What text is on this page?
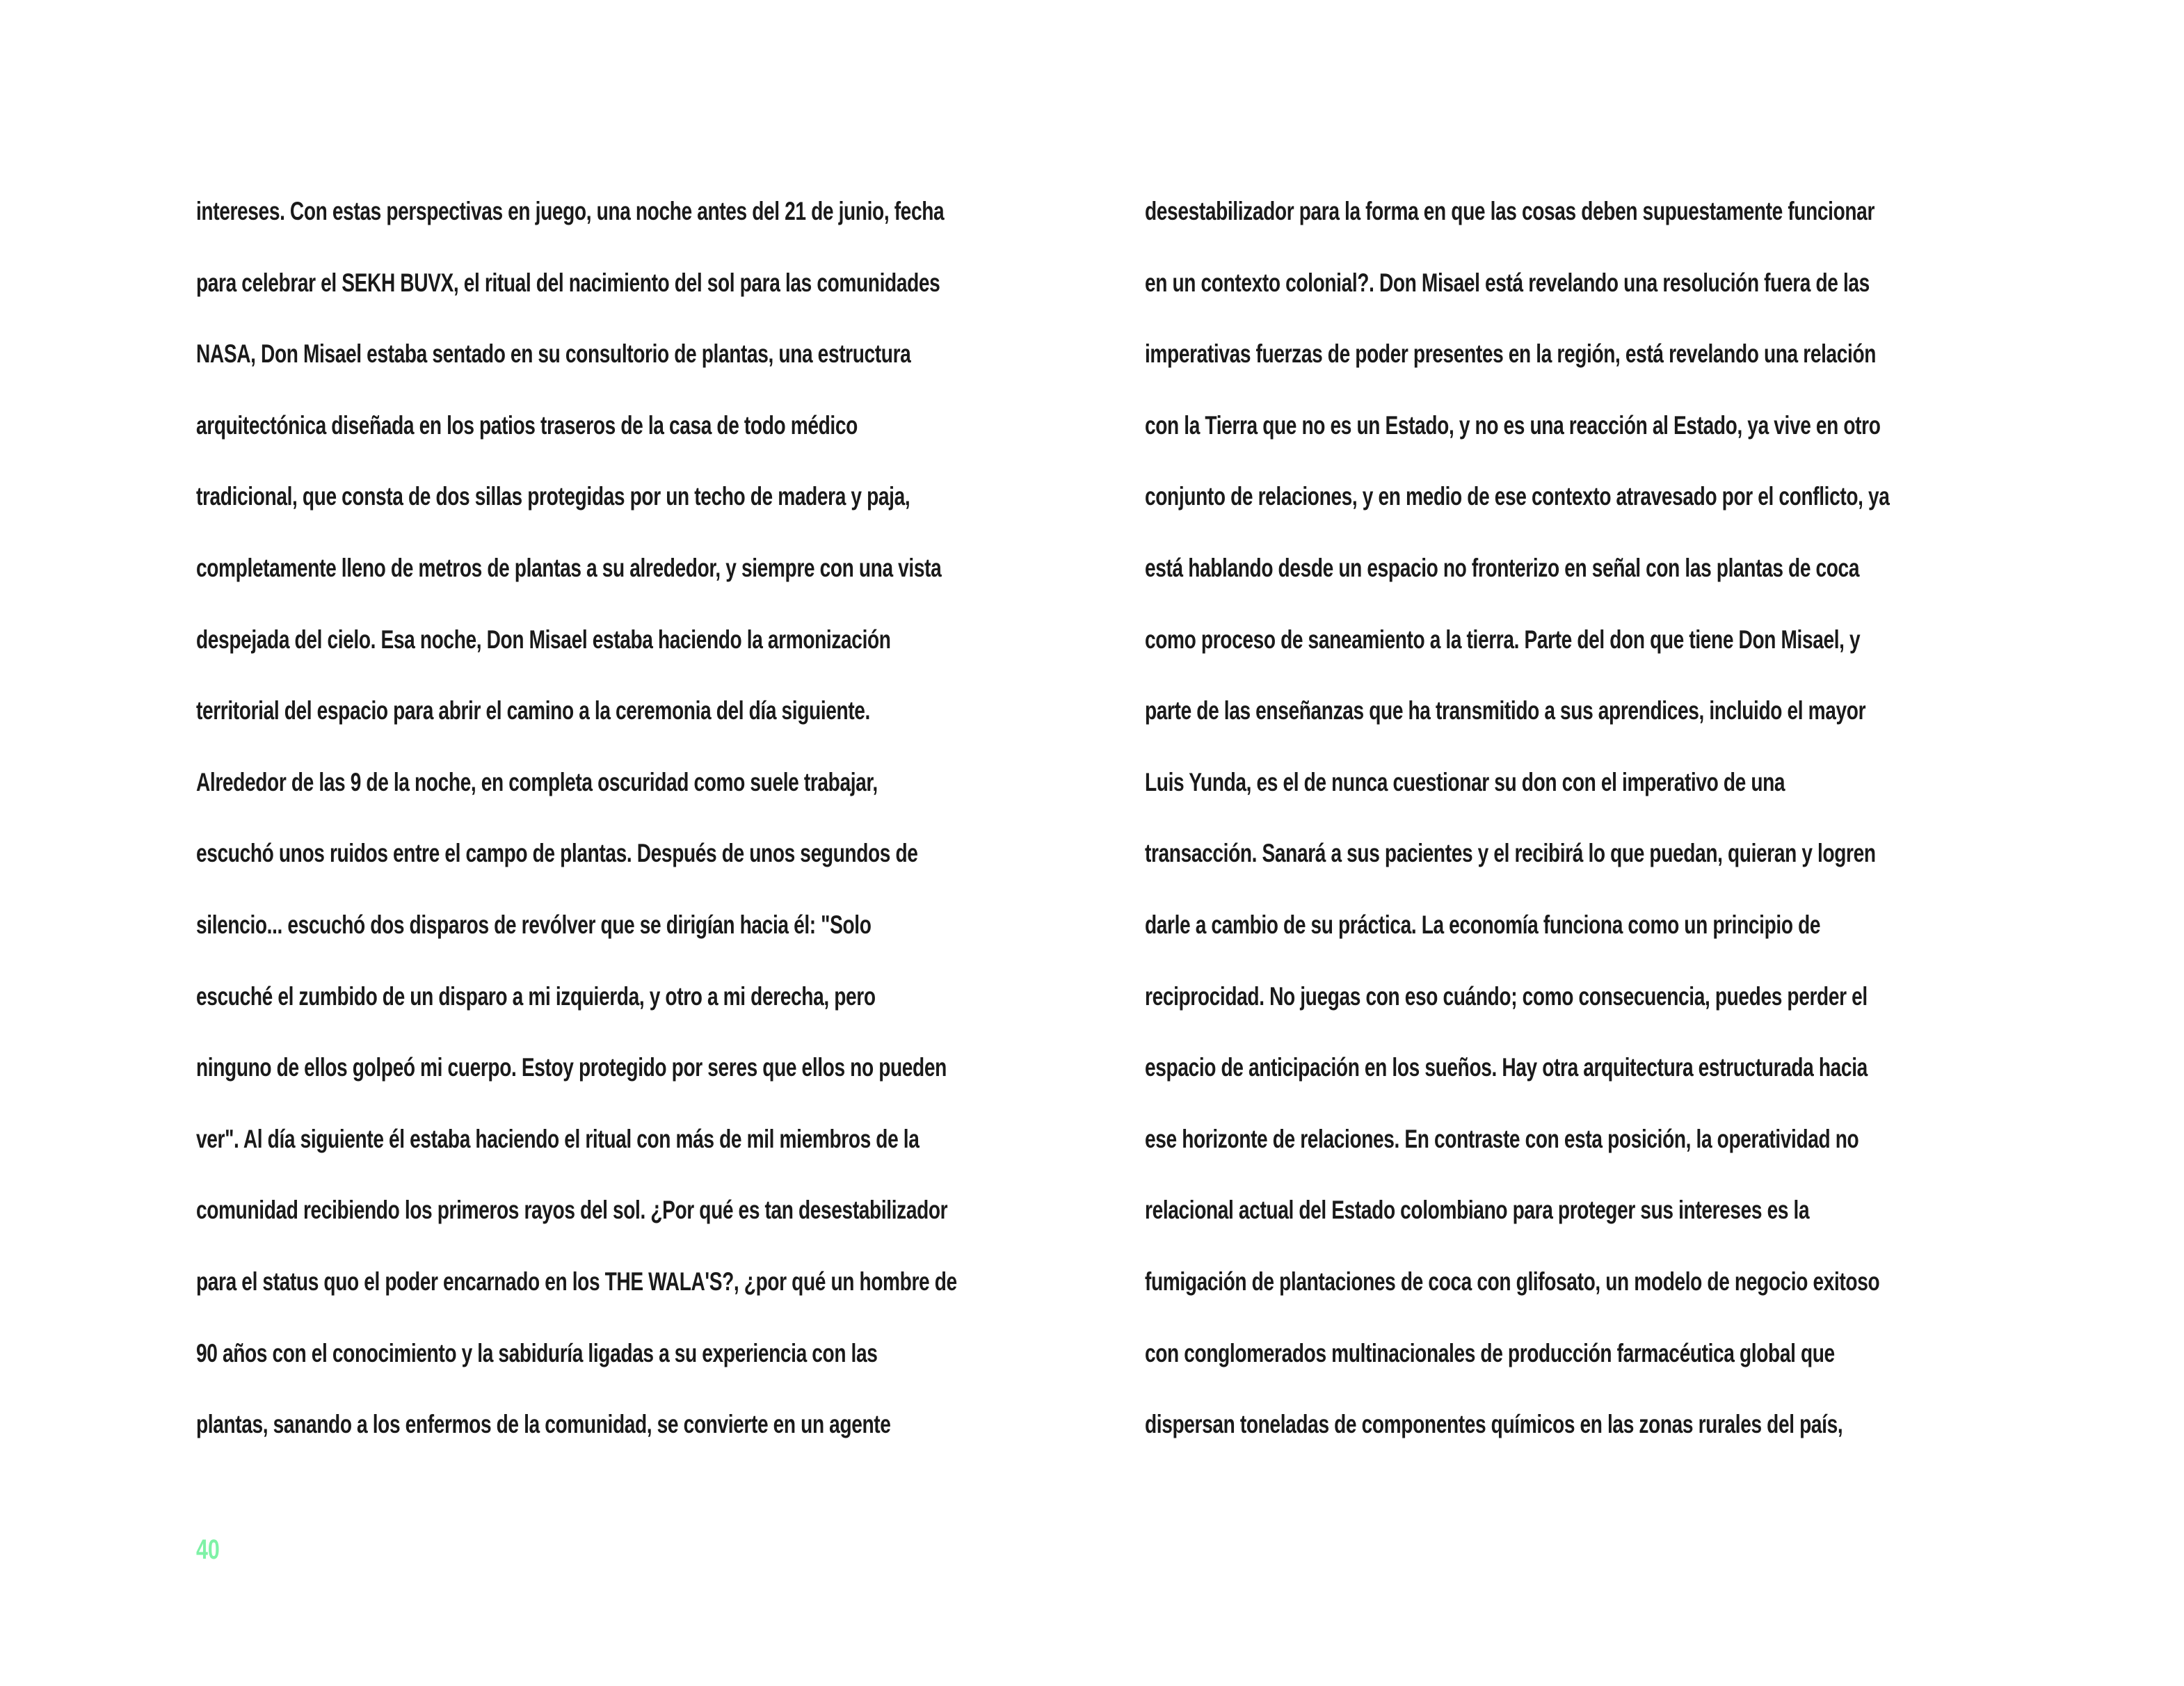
intereses. Con estas perspectivas en juego, una noche antes del 21 de junio, fecha
para celebrar el SEKH BUVX, el ritual del nacimiento del sol para las comunidades
NASA, Don Misael estaba sentado en su consultorio de plantas, una estructura
arquitectónica diseñada en los patios traseros de la casa de todo médico
tradicional, que consta de dos sillas protegidas por un techo de madera y paja,
completamente lleno de metros de plantas a su alrededor, y siempre con una vista
despejada del cielo. Esa noche, Don Misael estaba haciendo la armonización
territorial del espacio para abrir el camino a la ceremonia del día siguiente.
Alrededor de las 9 de la noche, en completa oscuridad como suele trabajar,
escuchó unos ruidos entre el campo de plantas. Después de unos segundos de
silencio... escuchó dos disparos de revólver que se dirigían hacia él: "Solo
escuché el zumbido de un disparo a mi izquierda, y otro a mi derecha, pero
ninguno de ellos golpeó mi cuerpo. Estoy protegido por seres que ellos no pueden
ver". Al día siguiente él estaba haciendo el ritual con más de mil miembros de la
comunidad recibiendo los primeros rayos del sol. ¿Por qué es tan desestabilizador
para el status quo el poder encarnado en los THE WALA'S?, ¿por qué un hombre de
90 años con el conocimiento y la sabiduría ligadas a su experiencia con las
plantas, sanando a los enfermos de la comunidad, se convierte en un agente
desestabilizador para la forma en que las cosas deben supuestamente funcionar
en un contexto colonial?. Don Misael está revelando una resolución fuera de las
imperativas fuerzas de poder presentes en la región, está revelando una relación
con la Tierra que no es un Estado, y no es una reacción al Estado, ya vive en otro
conjunto de relaciones, y en medio de ese contexto atravesado por el conflicto, ya
está hablando desde un espacio no fronterizo en señal con las plantas de coca
como proceso de saneamiento a la tierra. Parte del don que tiene Don Misael, y
parte de las enseñanzas que ha transmitido a sus aprendices, incluido el mayor
Luis Yunda, es el de nunca cuestionar su don con el imperativo de una
transacción. Sanará a sus pacientes y el recibirá lo que puedan, quieran y logren
darle a cambio de su práctica. La economía funciona como un principio de
reciprocidad. No juegas con eso cuándo; como consecuencia, puedes perder el
espacio de anticipación en los sueños. Hay otra arquitectura estructurada hacia
ese horizonte de relaciones. En contraste con esta posición, la operatividad no
relacional actual del Estado colombiano para proteger sus intereses es la
fumigación de plantaciones de coca con glifosato, un modelo de negocio exitoso
con conglomerados multinacionales de producción farmacéutica global que
dispersan toneladas de componentes químicos en las zonas rurales del país,
40
